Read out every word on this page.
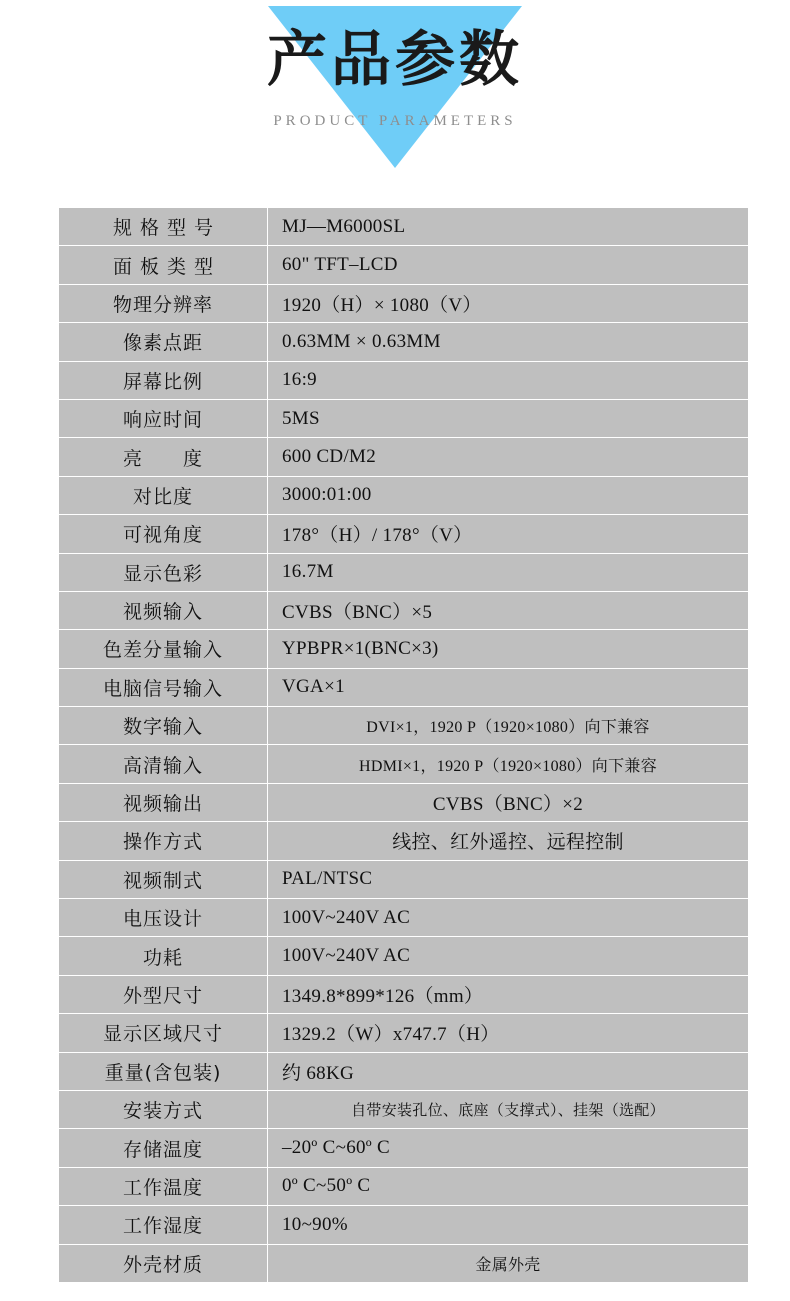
产品参数
PRODUCT PARAMETERS
规格型号	MJ—M6000SL
面板类型	60" TFT–LCD
物理分辨率	1920（H）× 1080（V）
像素点距	0.63MM × 0.63MM
屏幕比例	16:9
响应时间	5MS
亮　　度	600 CD/M2
对比度	3000:01:00
可视角度	178°（H）/ 178°（V）
显示色彩	16.7M
视频输入	CVBS（BNC）×5
色差分量输入	YPBPR×1(BNC×3)
电脑信号输入	VGA×1
数字输入	DVI×1，1920 P（1920×1080）向下兼容
高清输入	HDMI×1，1920 P（1920×1080）向下兼容
视频输出	CVBS（BNC）×2
操作方式	线控、红外遥控、远程控制
视频制式	PAL/NTSC
电压设计	100V~240V AC
功耗	100V~240V AC
外型尺寸	1349.8*899*126（mm）
显示区域尺寸	1329.2（W）x747.7（H）
重量(含包装)	约 68KG
安装方式	自带安装孔位、底座（支撑式）、挂架（选配）
存储温度	–20º C~60º C
工作温度	0º C~50º C
工作湿度	10~90%
外壳材质	金属外壳
